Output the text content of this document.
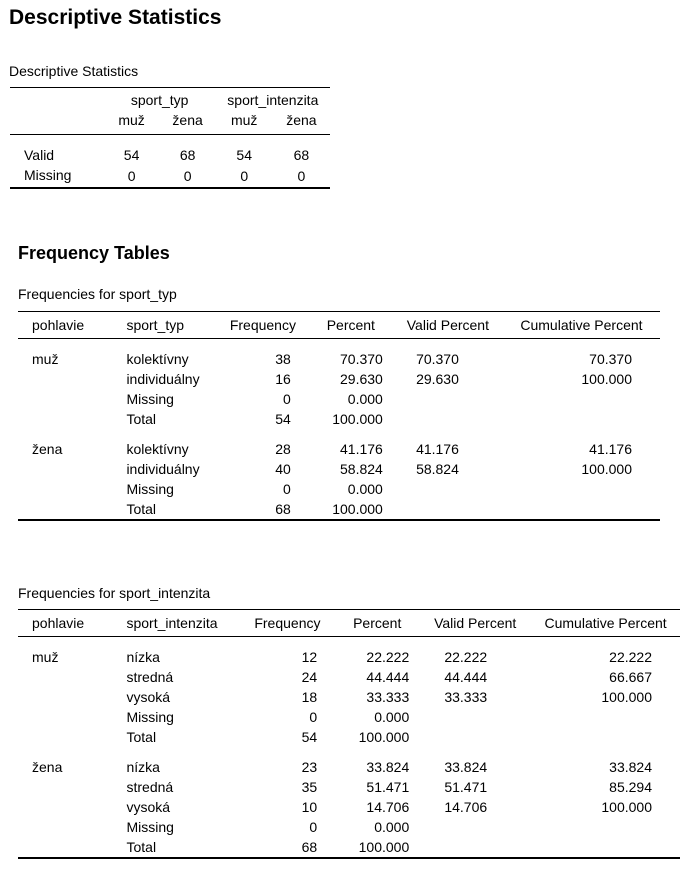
Descriptive Statistics
Descriptive Statistics
	sport_typ		sport_intenzita	
	muž	žena	muž	žena

Valid	54	68	54	68
Missing	0	0	0	0
Frequency Tables
Frequencies for sport_typ
pohlavie	sport_typ	Frequency	Percent	Valid Percent	Cumulative Percent

muž	kolektívny	38	70.370	70.370	70.370
	individuálny	16	29.630	29.630	100.000
	Missing	0	0.000		
	Total	54	100.000		

žena	kolektívny	28	41.176	41.176	41.176
	individuálny	40	58.824	58.824	100.000
	Missing	0	0.000		
	Total	68	100.000		
Frequencies for sport_intenzita
pohlavie	sport_intenzita	Frequency	Percent	Valid Percent	Cumulative Percent

muž	nízka	12	22.222	22.222	22.222
	stredná	24	44.444	44.444	66.667
	vysoká	18	33.333	33.333	100.000
	Missing	0	0.000		
	Total	54	100.000		

žena	nízka	23	33.824	33.824	33.824
	stredná	35	51.471	51.471	85.294
	vysoká	10	14.706	14.706	100.000
	Missing	0	0.000		
	Total	68	100.000		
